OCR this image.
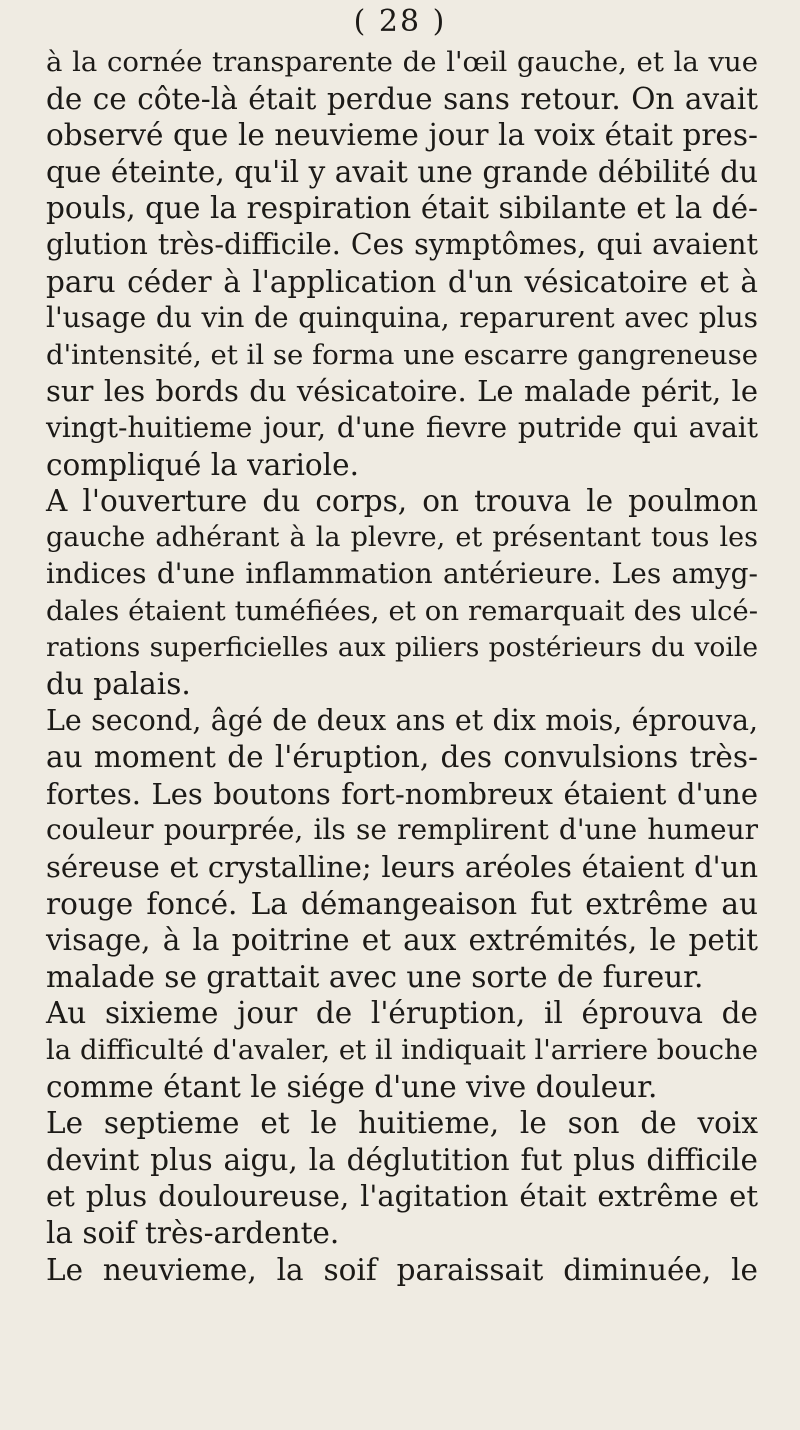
( 28 )
à la cornée transparente de l'œil gauche, et la vue
de ce côte-là était perdue sans retour. On avait
observé que le neuvieme jour la voix était pres-
que éteinte, qu'il y avait une grande débilité du
pouls, que la respiration était sibilante et la dé-
glution très-difficile. Ces symptômes, qui avaient
paru céder à l'application d'un vésicatoire et à
l'usage du vin de quinquina, reparurent avec plus
d'intensité, et il se forma une escarre gangreneuse
sur les bords du vésicatoire. Le malade périt, le
vingt-huitieme jour, d'une fievre putride qui avait
compliqué la variole.
A l'ouverture du corps, on trouva le poulmon
gauche adhérant à la plevre, et présentant tous les
indices d'une inflammation antérieure. Les amyg-
dales étaient tuméfiées, et on remarquait des ulcé-
rations superficielles aux piliers postérieurs du voile
du palais.
Le second, âgé de deux ans et dix mois, éprouva,
au moment de l'éruption, des convulsions très-
fortes. Les boutons fort-nombreux étaient d'une
couleur pourprée, ils se remplirent d'une humeur
séreuse et crystalline; leurs aréoles étaient d'un
rouge foncé. La démangeaison fut extrême au
visage, à la poitrine et aux extrémités, le petit
malade se grattait avec une sorte de fureur.
Au sixieme jour de l'éruption, il éprouva de
la difficulté d'avaler, et il indiquait l'arriere bouche
comme étant le siége d'une vive douleur.
Le septieme et le huitieme, le son de voix
devint plus aigu, la déglutition fut plus difficile
et plus douloureuse, l'agitation était extrême et
la soif très-ardente.
Le neuvieme, la soif paraissait diminuée, le
